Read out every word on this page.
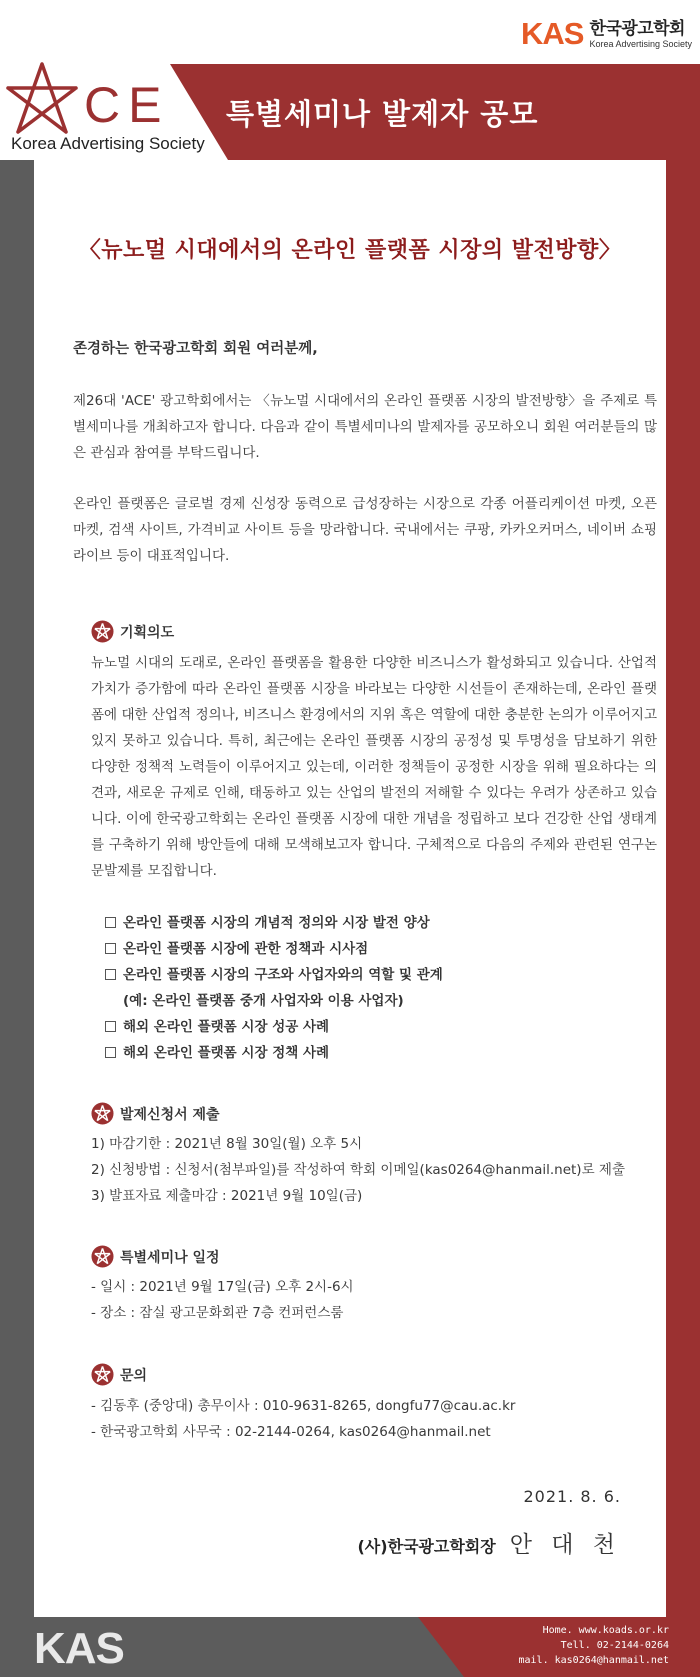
KAS 한국광고학회
Korea Advertising Society
특별세미나 발제자 공모
CE
Korea Advertising Society
〈뉴노멀 시대에서의 온라인 플랫폼 시장의 발전방향〉
존경하는 한국광고학회 회원 여러분께,
제26대 'ACE' 광고학회에서는 〈뉴노멀 시대에서의 온라인 플랫폼 시장의 발전방향〉을 주제로 특별세미나를 개최하고자 합니다. 다음과 같이 특별세미나의 발제자를 공모하오니 회원 여러분들의 많은 관심과 참여를 부탁드립니다.
온라인 플랫폼은 글로벌 경제 신성장 동력으로 급성장하는 시장으로 각종 어플리케이션 마켓, 오픈마켓, 검색 사이트, 가격비교 사이트 등을 망라합니다. 국내에서는 쿠팡, 카카오커머스, 네이버 쇼핑라이브 등이 대표적입니다.
기획의도
뉴노멀 시대의 도래로, 온라인 플랫폼을 활용한 다양한 비즈니스가 활성화되고 있습니다. 산업적 가치가 증가함에 따라 온라인 플랫폼 시장을 바라보는 다양한 시선들이 존재하는데, 온라인 플랫폼에 대한 산업적 정의나, 비즈니스 환경에서의 지위 혹은 역할에 대한 충분한 논의가 이루어지고 있지 못하고 있습니다. 특히, 최근에는 온라인 플랫폼 시장의 공정성 및 투명성을 담보하기 위한 다양한 정책적 노력들이 이루어지고 있는데, 이러한 정책들이 공정한 시장을 위해 필요하다는 의견과, 새로운 규제로 인해, 태동하고 있는 산업의 발전의 저해할 수 있다는 우려가 상존하고 있습니다. 이에 한국광고학회는 온라인 플랫폼 시장에 대한 개념을 정립하고 보다 건강한 산업 생태계를 구축하기 위해 방안들에 대해 모색해보고자 합니다. 구체적으로 다음의 주제와 관련된 연구논문발제를 모집합니다.
온라인 플랫폼 시장의 개념적 정의와 시장 발전 양상
온라인 플랫폼 시장에 관한 정책과 시사점
온라인 플랫폼 시장의 구조와 사업자와의 역할 및 관계
(예: 온라인 플랫폼 중개 사업자와 이용 사업자)
해외 온라인 플랫폼 시장 성공 사례
해외 온라인 플랫폼 시장 정책 사례
발제신청서 제출
1) 마감기한 : 2021년 8월 30일(월) 오후 5시
2) 신청방법 : 신청서(첨부파일)를 작성하여 학회 이메일(kas0264@hanmail.net)로 제출
3) 발표자료 제출마감 : 2021년 9월 10일(금)
특별세미나 일정
- 일시 : 2021년 9월 17일(금) 오후 2시-6시
- 장소 : 잠실 광고문화회관 7층 컨퍼런스룸
문의
- 김동후 (중앙대) 총무이사 : 010-9631-8265, dongfu77@cau.ac.kr
- 한국광고학회 사무국 : 02-2144-0264, kas0264@hanmail.net
2021. 8. 6.
(사)한국광고학회장 안 대 천
KAS	Home. www.koads.or.kr
Tell. 02-2144-0264
mail. kas0264@hanmail.net
